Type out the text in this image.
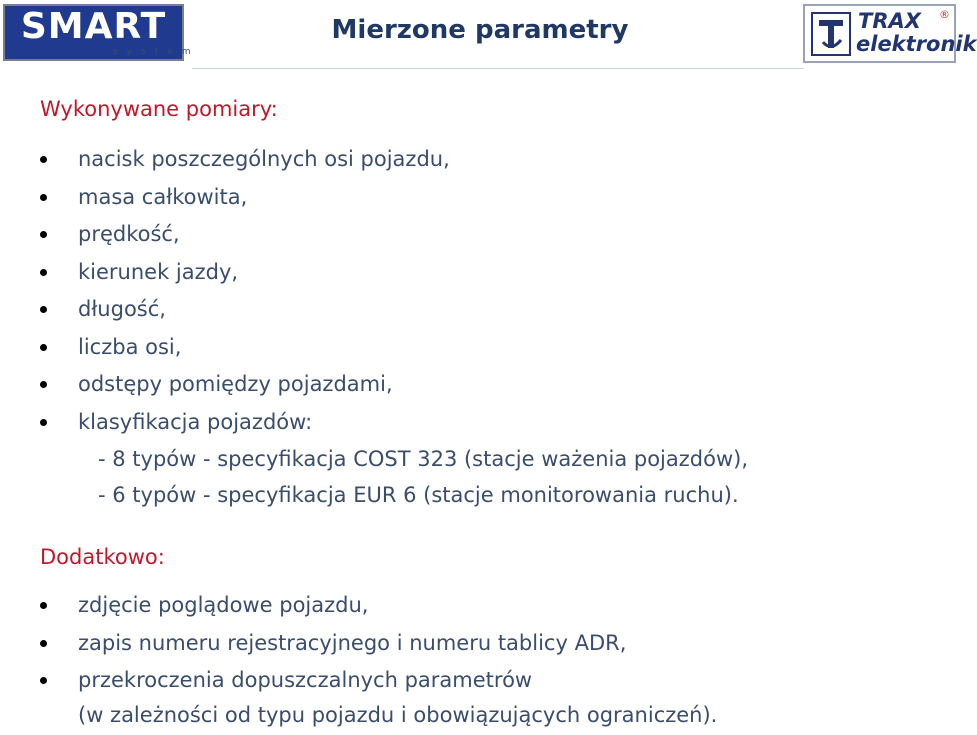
SMART
system
Mierzone parametry	TRAX
elektronik
®
Wykonywane pomiary:
nacisk poszczególnych osi pojazdu,
masa całkowita,
prędkość,
kierunek jazdy,
długość,
liczba osi,
odstępy pomiędzy pojazdami,
klasyfikacja pojazdów:

- 8 typów - specyfikacja COST 323 (stacje ważenia pojazdów),

- 6 typów - specyfikacja EUR 6 (stacje monitorowania ruchu).

Dodatkowo:
zdjęcie poglądowe pojazdu,
zapis numeru rejestracyjnego i numeru tablicy ADR,
przekroczenia dopuszczalnych parametrów

(w zależności od typu pojazdu i obowiązujących ograniczeń).
